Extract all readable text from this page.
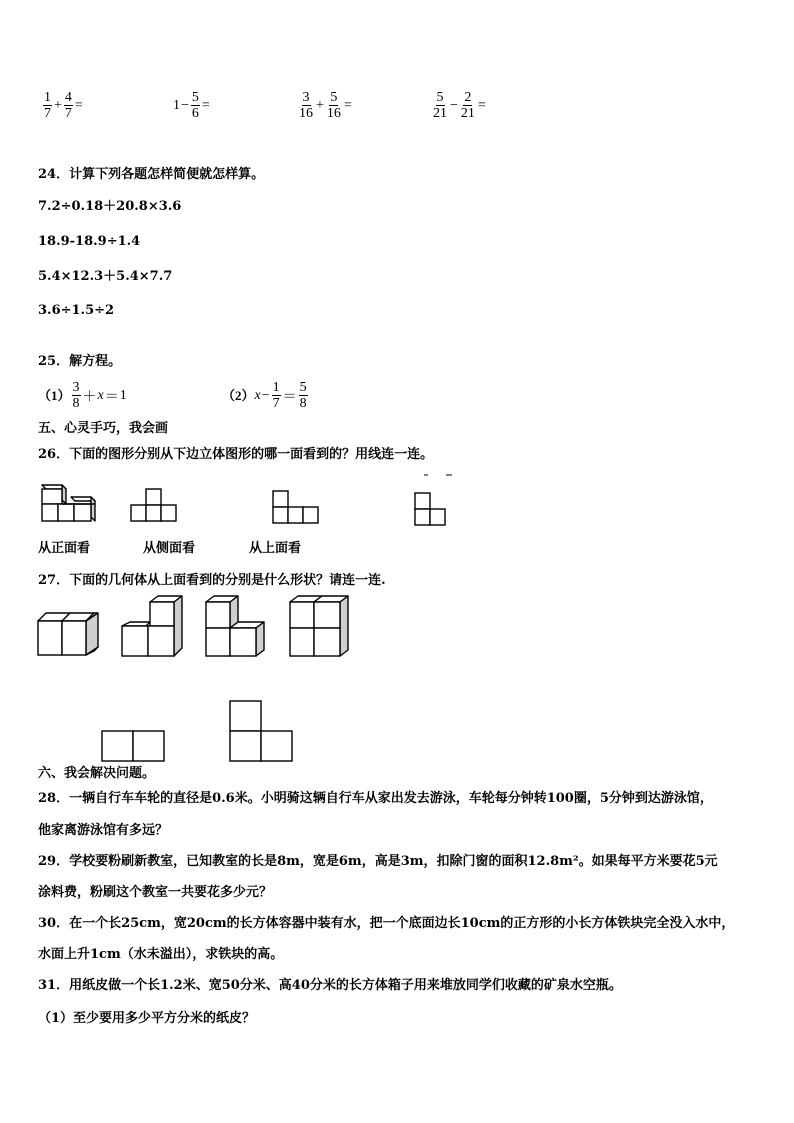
$\frac{1}{7} + \frac{4}{7}$ =	$1 - \frac{5}{6}$ =	$\frac{3}{16} + \frac{5}{16}$ =	$\frac{5}{21} - \frac{2}{21}$ =
24．计算下列各题怎样简便就怎样算。
7.2÷0.18＋20.8×3.6
18.9-18.9÷1.4
5.4×12.3＋5.4×7.7
3.6÷1.5÷2
25．解方程。
$(1) \frac{3}{8} + x = 1$	（2） $x - \frac{1}{7} = \frac{5}{8}$
五、心灵手巧，我会画
26．下面的图形分别从下边立体图形的哪一面看到的？用线连一连。
从正面看	从侧面看	从上面看
27．下面的几何体从上面看到的分别是什么形状？请连一连.
六、我会解决问题。
28．一辆自行车车轮的直径是0.6米。小明骑这辆自行车从家出发去游泳，车轮每分钟转100圈，5分钟到达游泳馆，
他家离游泳馆有多远？
29．学校要粉刷新教室，已知教室的长是8m，宽是6m，高是3m，扣除门窗的面积12.8m²。如果每平方米要花5元
涂料费，粉刷这个教室一共要花多少元？
30．在一个长25cm，宽20cm的长方体容器中装有水，把一个底面边长10cm的正方形的小长方体铁块完全没入水中，
水面上升1cm（水未溢出），求铁块的高。
31．用纸皮做一个长1.2米、宽50分米、高40分米的长方体箱子用来堆放同学们收藏的矿泉水空瓶。
（1）至少要用多少平方分米的纸皮？
